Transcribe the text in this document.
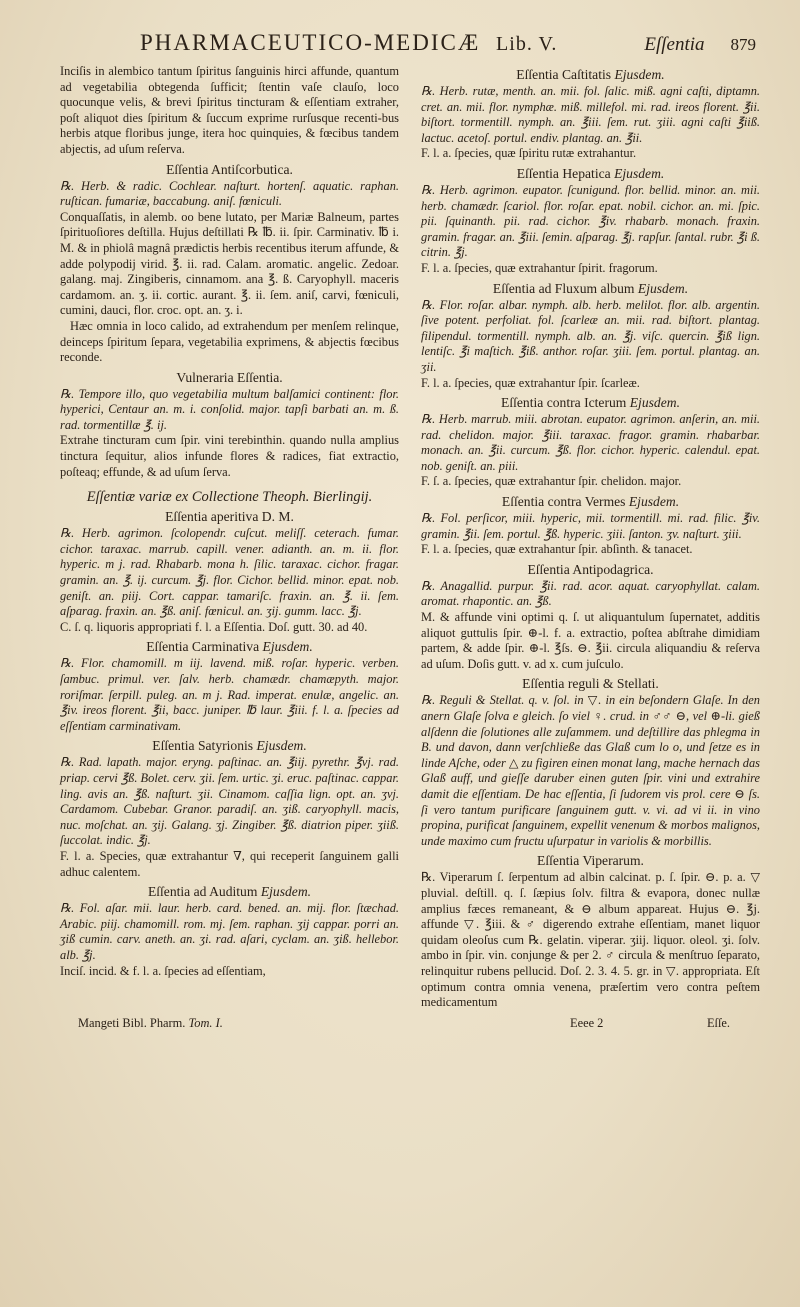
PHARMACEUTICO-MEDICÆ Lib. V.	Eſſentia 879

Inciſis in alembico tantum ſpiritus ſanguinis hirci affunde, quantum ad vegetabilia obtegenda ſufficit; ſtentin vaſe clauſo, loco quocunque velis, & brevi ſpiritus tincturam & eſſentiam extraher, poſt aliquot dies ſpiritum & ſuccum exprime rurſusque recenti-bus herbis atque floribus junge, itera hoc quinquies, & fœcibus tandem abjectis, ad uſum reſerva.

Eſſentia Antiſcorbutica.

℞. Herb. & radic. Cochlear. naſturt. hortenſ. aquatic. raphan. ruſtican. fumariæ, baccabung. aniſ. fœniculi.

Conquaſſatis, in alemb. oo bene lutato, per Mariæ Balneum, partes ſpirituoſiores deſtilla. Hujus deſtillati ℞ ℔. ii. ſpir. Carminativ. ℔ i. M. & in phiolâ magnâ prædictis herbis recentibus iterum affunde, & adde polypodij virid. ℥. ii. rad. Calam. aromatic. angelic. Zedoar. galang. maj. Zingiberis, cinnamom. ana ℥. ß. Caryophyll. maceris cardamom. an. ʒ. ii. cortic. aurant. ℥. ii. ſem. aniſ, carvi, fœniculi, cumini, dauci, flor. croc. opt. an. ʒ. i.

Hæc omnia in loco calido, ad extrahendum per menſem relinque, deinceps ſpiritum ſepara, vegetabilia exprimens, & abjectis fœcibus reconde.

Vulneraria Eſſentia.

℞. Tempore illo, quo vegetabilia multum balſamici continent: flor. hyperici, Centaur an. m. i. conſolid. major. tapſi barbati an. m. ß. rad. tormentillæ ℥. ij.

Extrahe tincturam cum ſpir. vini terebinthin. quando nulla amplius tinctura ſequitur, alios infunde flores & radices, fiat extractio, poſteaq; effunde, & ad uſum ſerva.

Eſſentiæ variæ ex Collectione Theoph. Bierlingij.
Eſſentia aperitiva D. M.

℞. Herb. agrimon. ſcolopendr. cuſcut. meliſſ. ceterach. fumar. cichor. taraxac. marrub. capill. vener. adianth. an. m. ii. flor. hyperic. m j. rad. Rhabarb. mona h. ſilic. taraxac. cichor. fragar. gramin. an. ℥. ij. curcum. ℥j. flor. Cichor. bellid. minor. epat. nob. geniſt. an. piij. Cort. cappar. tamariſc. fraxin. an. ℥. ii. ſem. aſparag. fraxin. an. ℥ß. aniſ. fœnicul. an. ʒij. gumm. lacc. ℥j.

C. ſ. q. liquoris appropriati f. l. a Eſſentia. Doſ. gutt. 30. ad 40.

Eſſentia Carminativa Ejusdem.

℞. Flor. chamomill. m iij. lavend. miß. roſar. hyperic. verben. ſambuc. primul. ver. ſalv. herb. chamædr. chamæpyth. major. roriſmar. ſerpill. puleg. an. m j. Rad. imperat. enulæ, angelic. an. ℥iv. ireos florent. ℥ii, bacc. juniper. ℔ laur. ℥iii. f. l. a. ſpecies ad eſſentiam carminativam.

Eſſentia Satyrionis Ejusdem.

℞. Rad. lapath. major. eryng. paſtinac. an. ℥iij. pyrethr. ℥vj. rad. priap. cervi ℥ß. Bolet. cerv. ʒii. ſem. urtic. ʒi. eruc. paſtinac. cappar. ling. avis an. ℥ß. naſturt. ʒii. Cinamom. caſſia lign. opt. an. ʒvj. Cardamom. Cubebar. Granor. paradiſ. an. ʒiß. caryophyll. macis, nuc. moſchat. an. ʒij. Galang. ʒj. Zingiber. ℥ß. diatrion piper. ʒiiß. ſuccolat. indic. ℥j.

F. l. a. Species, quæ extrahantur ∇, qui receperit ſanguinem galli adhuc calentem.

Eſſentia ad Auditum Ejusdem.

℞. Fol. aſar. mii. laur. herb. card. bened. an. mij. flor. ſtæchad. Arabic. piij. chamomill. rom. mj. ſem. raphan. ʒij cappar. porri an. ʒiß cumin. carv. aneth. an. ʒi. rad. aſari, cyclam. an. ʒiß. hellebor. alb. ℥j.

Inciſ. incid. & f. l. a. ſpecies ad eſſentiam,

Eſſentia Caſtitatis Ejusdem.

℞. Herb. rutæ, menth. an. mii. fol. ſalic. miß. agni caſti, diptamn. cret. an. mii. flor. nymphæ. miß. millefol. mi. rad. ireos florent. ℥ii. biſtort. tormentill. nymph. an. ℥iii. ſem. rut. ʒiii. agni caſti ℥iiß. lactuc. acetoſ. portul. endiv. plantag. an. ℥ii.

F. l. a. ſpecies, quæ ſpiritu rutæ extrahantur.

Eſſentia Hepatica Ejusdem.

℞. Herb. agrimon. eupator. ſcunigund. flor. bellid. minor. an. mii. herb. chamædr. ſcariol. flor. roſar. epat. nobil. cichor. an. mi. ſpic. pii. ſquinanth. pii. rad. cichor. ℥iv. rhabarb. monach. fraxin. gramin. fragar. an. ℥iii. ſemin. aſparag. ℥j. rapſur. ſantal. rubr. ℥i ß. citrin. ℥j.

F. l. a. ſpecies, quæ extrahantur ſpirit. fragorum.

Eſſentia ad Fluxum album Ejusdem.

℞. Flor. roſar. albar. nymph. alb. herb. melilot. flor. alb. argentin. ſive potent. perfoliat. fol. ſcarleæ an. mii. rad. biſtort. plantag. filipendul. tormentill. nymph. alb. an. ℥j. viſc. quercin. ℥iß lign. lentiſc. ℥i maſtich. ℥iß. anthor. roſar. ʒiii. ſem. portul. plantag. an. ʒii.

F. l. a. ſpecies, quæ extrahantur ſpir. ſcarleæ.

Eſſentia contra Icterum Ejusdem.

℞. Herb. marrub. miii. abrotan. eupator. agrimon. anſerin, an. mii. rad. chelidon. major. ℥iii. taraxac. fragor. gramin. rhabarbar. monach. an. ℥ii. curcum. ℥ß. flor. cichor. hyperic. calendul. epat. nob. geniſt. an. piii.

F. ſ. a. ſpecies, quæ extrahantur ſpir. chelidon. major.

Eſſentia contra Vermes Ejusdem.

℞. Fol. perſicor, miii. hyperic, mii. tormentill. mi. rad. filic. ℥iv. gramin. ℥ii. ſem. portul. ℥ß. hyperic. ʒiii. ſanton. ʒv. naſturt. ʒiii.

F. l. a. ſpecies, quæ extrahantur ſpir. abſinth. & tanacet.

Eſſentia Antipodagrica.

℞. Anagallid. purpur. ℥ii. rad. acor. aquat. caryophyllat. calam. aromat. rhapontic. an. ℥ß.

M. & affunde vini optimi q. ſ. ut aliquantulum ſupernatet, additis aliquot guttulis ſpir. ⊕-l. f. a. extractio, poſtea abſtrahe dimidiam partem, & adde ſpir. ⊕-l. ℥ſs. ⊖. ℥ii. circula aliquandiu & reſerva ad uſum. Doſis gutt. v. ad x. cum juſculo.

Eſſentia reguli & Stellati.

℞. Reguli & Stellat. q. v. ſol. in ▽. in ein beſondern Glaſe. In den anern Glaſe ſolva e gleich. ſo viel ♀. crud. in ♂♂ ⊖, vel ⊕-li. gieß alſdenn die ſolutiones alle zuſammem. und deſtillire das phlegma in B. und davon, dann verſchließe das Glaß cum lo o, und ſetze es in linde Aſche, oder △ zu figiren einen monat lang, mache hernach das Glaß auff, und gieſſe daruber einen guten ſpir. vini und extrahire damit die eſſentiam. De hac eſſentia, ſi ſudorem vis prol. cere ⊖ ſs. ſi vero tantum purificare ſanguinem gutt. v. vi. ad vi ii. in vino propina, purificat ſanguinem, expellit venenum & morbos malignos, unde maximo cum fructu uſurpatur in variolis & morbillis.

Eſſentia Viperarum.

℞. Viperarum ſ. ſerpentum ad albin calcinat. p. ſ. ſpir. ⊖. p. a. ▽ pluvial. deſtill. q. ſ. ſæpius ſolv. filtra & evapora, donec nullæ amplius fæces remaneant, & ⊖ album appareat. Hujus ⊖. ℥j. affunde ▽. ℥iii. & ♂ digerendo extrahe eſſentiam, manet liquor quidam oleoſus cum ℞. gelatin. viperar. ʒiij. liquor. oleol. ʒi. ſolv. ambo in ſpir. vin. conjunge & per 2. ♂ circula & menſtruo ſeparato, relinquitur rubens pellucid. Doſ. 2. 3. 4. 5. gr. in ▽. appropriata. Eſt optimum contra omnia venena, præſertim vero contra peſtem medicamentum

Mangeti Bibl. Pharm. Tom. I.	Eeee 2	Eſſe.
